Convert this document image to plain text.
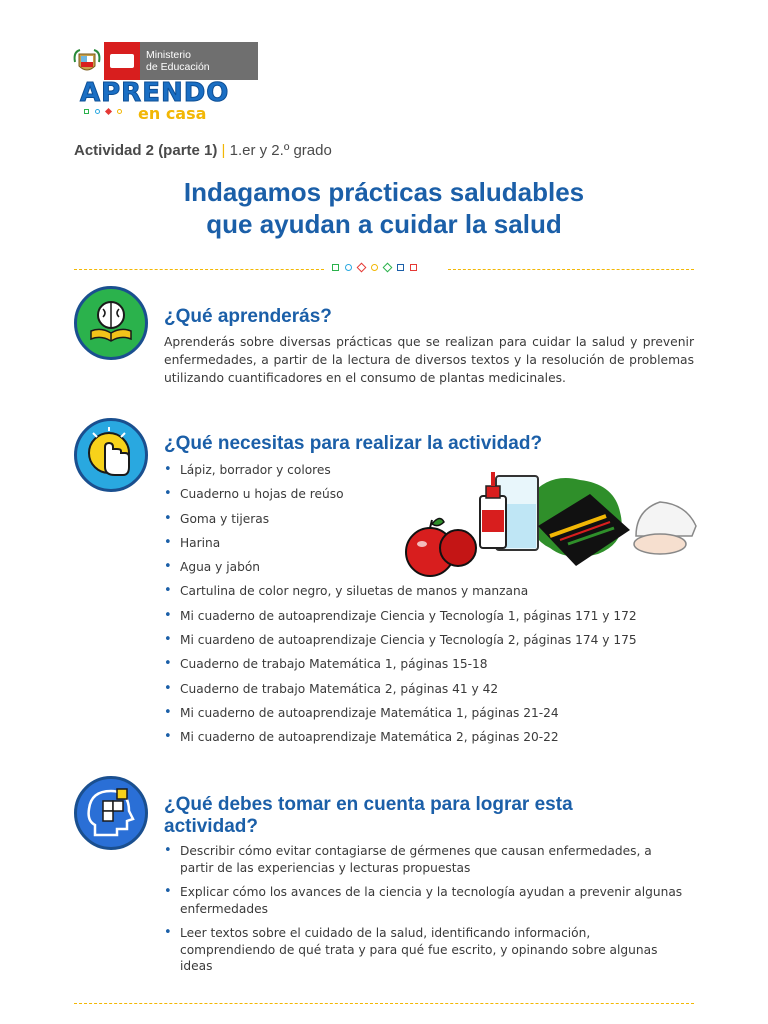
Ministerio
de Educación
APRENDO
en casa
Actividad 2 (parte 1) | 1.er y 2.º grado
Indagamos prácticas saludables
que ayudan a cuidar la salud
¿Qué aprenderás?
Aprenderás sobre diversas prácticas que se realizan para cuidar la salud y prevenir enfermedades, a partir de la lectura de diversos textos y la resolución de problemas utilizando cuantificadores en el consumo de plantas medicinales.
¿Qué necesitas para realizar la actividad?
• Lápiz, borrador y colores
• Cuaderno u hojas de reúso
• Goma y tijeras
• Harina
• Agua y jabón
• Cartulina de color negro, y siluetas de manos y manzana
• Mi cuaderno de autoaprendizaje Ciencia y Tecnología 1, páginas 171 y 172
• Mi cuardeno de autoaprendizaje Ciencia y Tecnología 2, páginas 174 y 175
• Cuaderno de trabajo Matemática 1, páginas 15-18
• Cuaderno de trabajo Matemática 2, páginas 41 y 42
• Mi cuaderno de autoaprendizaje Matemática 1, páginas 21-24
• Mi cuaderno de autoaprendizaje Matemática 2, páginas 20-22
¿Qué debes tomar en cuenta para lograr esta
actividad?
• Describir cómo evitar contagiarse de gérmenes que causan enfermedades, a partir de las experiencias y lecturas propuestas
• Explicar cómo los avances de la ciencia y la tecnología ayudan a prevenir algunas enfermedades
• Leer textos sobre el cuidado de la salud, identificando información, comprendiendo de qué trata y para qué fue escrito, y opinando sobre algunas ideas
